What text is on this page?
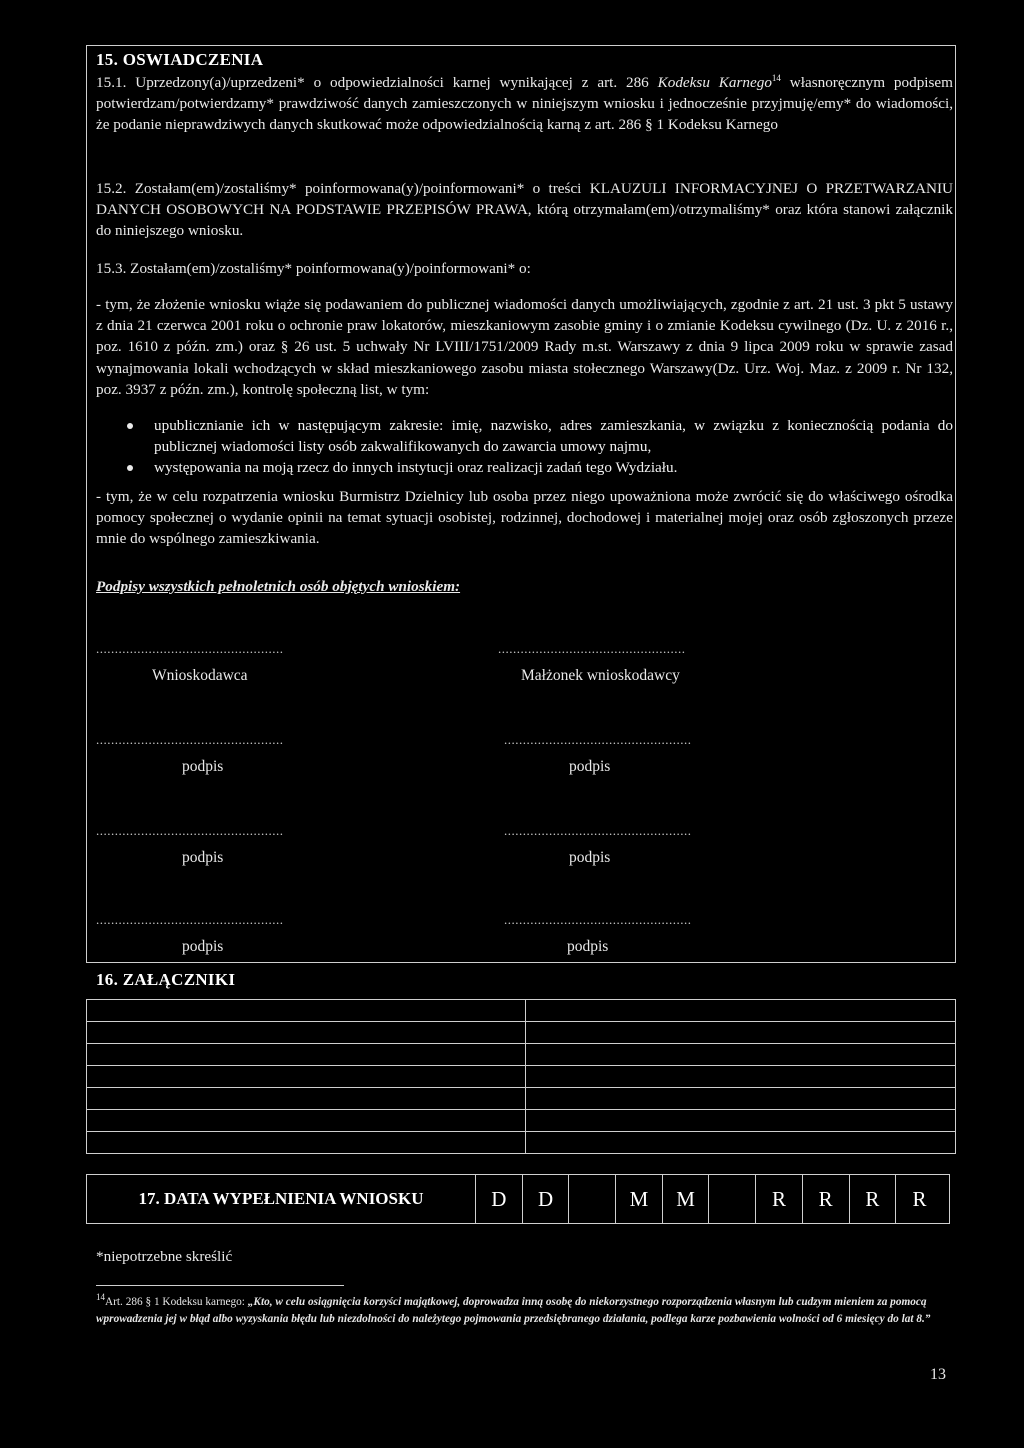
15. OSWIADCZENIA
15.1. Uprzedzony(a)/uprzedzeni* o odpowiedzialności karnej wynikającej z art. 286 Kodeksu Karnego$^{14}$ własnoręcznym podpisem potwierdzam/potwierdzamy* prawdziwość danych zamieszczonych w niniejszym wniosku i jednocześnie przyjmuję/emy* do wiadomości, że podanie nieprawdziwych danych skutkować może odpowiedzialnością karną z art. 286 § 1 Kodeksu Karnego
15.2. Zostałam(em)/zostaliśmy* poinformowana(y)/poinformowani* o treści KLAUZULI INFORMACYJNEJ O PRZETWARZANIU DANYCH OSOBOWYCH NA PODSTAWIE PRZEPISÓW PRAWA, którą otrzymałam(em)/otrzymaliśmy* oraz która stanowi załącznik do niniejszego wniosku.
15.3. Zostałam(em)/zostaliśmy* poinformowana(y)/poinformowani* o:
- tym, że złożenie wniosku wiąże się podawaniem do publicznej wiadomości danych umożliwiających, zgodnie z art. 21 ust. 3 pkt 5 ustawy z dnia 21 czerwca 2001 roku o ochronie praw lokatorów, mieszkaniowym zasobie gminy i o zmianie Kodeksu cywilnego (Dz. U. z 2016 r., poz. 1610 z późn. zm.) oraz § 26 ust. 5 uchwały Nr LVIII/1751/2009 Rady m.st. Warszawy z dnia 9 lipca 2009 roku w sprawie zasad wynajmowania lokali wchodzących w skład mieszkaniowego zasobu miasta stołecznego Warszawy(Dz. Urz. Woj. Maz. z 2009 r. Nr 132, poz. 3937 z późn. zm.), kontrolę społeczną list, w tym:
upublicznianie ich w następującym zakresie: imię, nazwisko, adres zamieszkania, w związku z koniecznością podania do publicznej wiadomości listy osób zakwalifikowanych do zawarcia umowy najmu,
występowania na moją rzecz do innych instytucji oraz realizacji zadań tego Wydziału.
- tym, że w celu rozpatrzenia wniosku Burmistrz Dzielnicy lub osoba przez niego upoważniona może zwrócić się do właściwego ośrodka pomocy społecznej o wydanie opinii na temat sytuacji osobistej, rodzinnej, dochodowej i materialnej mojej oraz osób zgłoszonych przeze mnie do wspólnego zamieszkiwania.
Podpisy wszystkich pełnoletnich osób objętych wnioskiem:
..................................................	..................................................
Wnioskodawca	Małżonek wnioskodawcy
..................................................	..................................................
podpis	podpis
..................................................	..................................................
podpis	podpis
..................................................	..................................................
podpis	podpis
16. ZAŁĄCZNIKI

17. DATA WYPEŁNIENIA WNIOSKU	D	D	M	M	R	R	R	R
*niepotrzebne skreślić
$^{14}$Art. 286 § 1 Kodeksu karnego: „Kto, w celu osiągnięcia korzyści majątkowej, doprowadza inną osobę do niekorzystnego rozporządzenia własnym lub cudzym mieniem za pomocą wprowadzenia jej w błąd albo wyzyskania błędu lub niezdolności do należytego pojmowania przedsiębranego działania, podlega karze pozbawienia wolności od 6 miesięcy do lat 8.”
13
